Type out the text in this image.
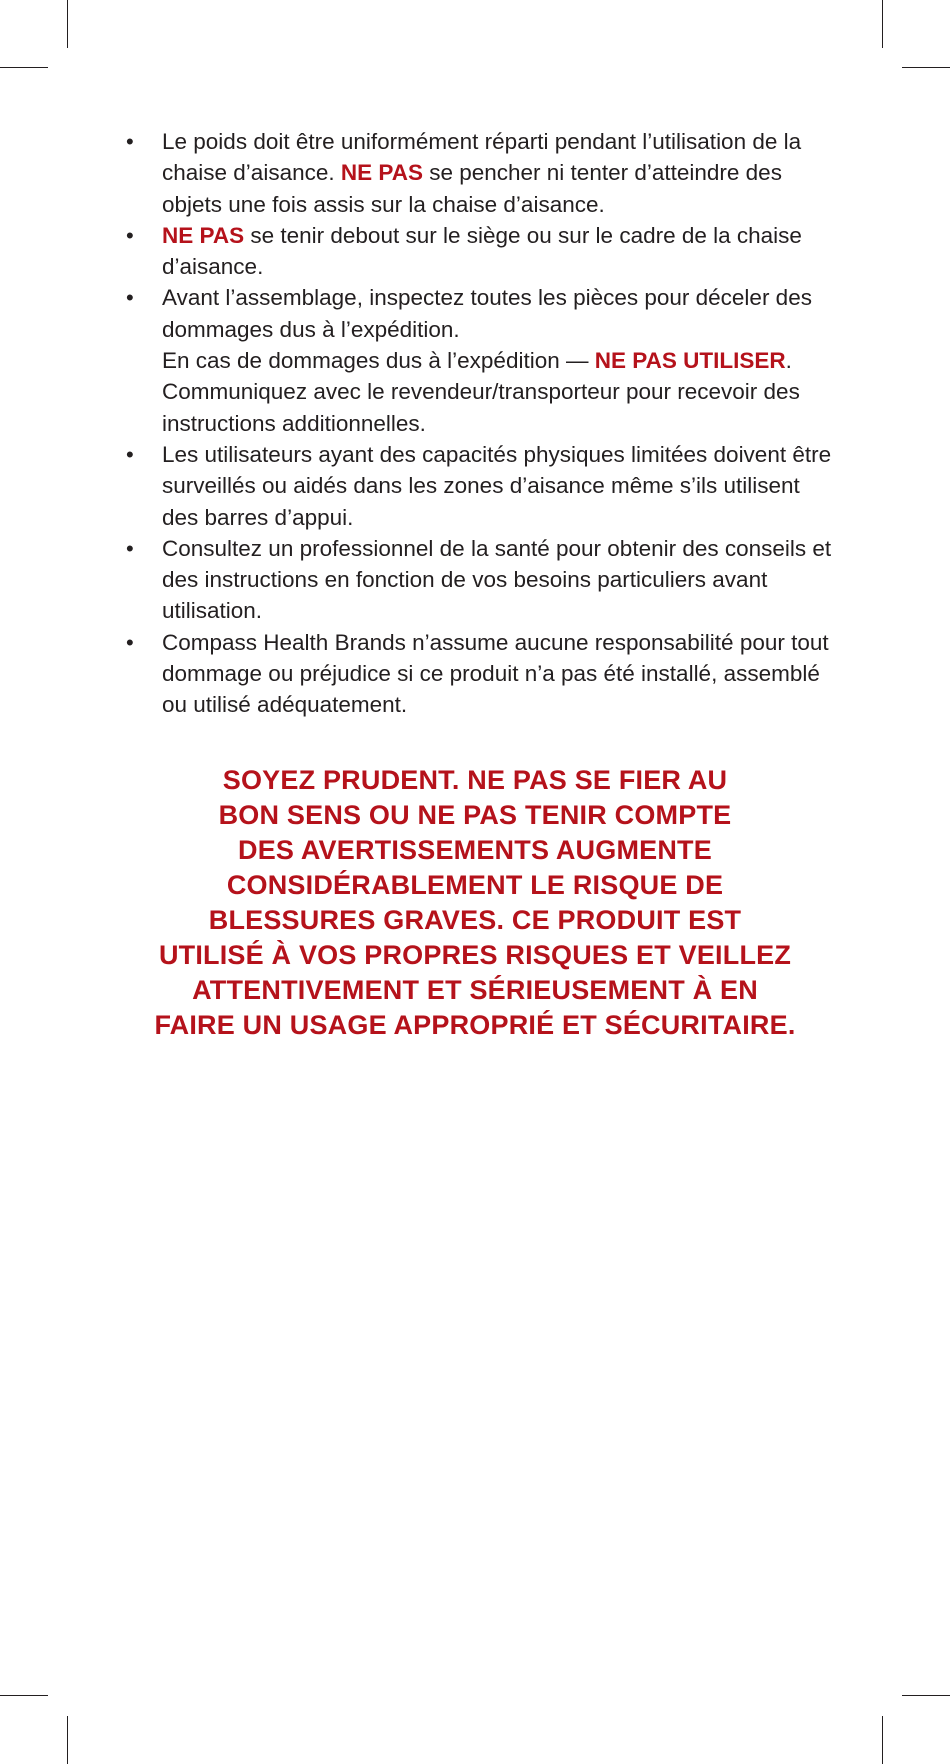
• Le poids doit être uniformément réparti pendant l’utilisation de la chaise d’aisance. NE PAS se pencher ni tenter d’atteindre des objets une fois assis sur la chaise d’aisance.
• NE PAS se tenir debout sur le siège ou sur le cadre de la chaise d’aisance.
• Avant l’assemblage, inspectez toutes les pièces pour déceler des dommages dus à l’expédition.
En cas de dommages dus à l’expédition — NE PAS UTILISER. Communiquez avec le revendeur/transporteur pour recevoir des instructions additionnelles.
• Les utilisateurs ayant des capacités physiques limitées doivent être surveillés ou aidés dans les zones d’aisance même s’ils utilisent des barres d’appui.
• Consultez un professionnel de la santé pour obtenir des conseils et des instructions en fonction de vos besoins particuliers avant utilisation.
• Compass Health Brands n’assume aucune responsabilité pour tout dommage ou préjudice si ce produit n’a pas été installé, assemblé ou utilisé adéquatement.
SOYEZ PRUDENT. NE PAS SE FIER AU
BON SENS OU NE PAS TENIR COMPTE
DES AVERTISSEMENTS AUGMENTE
CONSIDÉRABLEMENT LE RISQUE DE
BLESSURES GRAVES. CE PRODUIT EST
UTILISÉ À VOS PROPRES RISQUES ET VEILLEZ
ATTENTIVEMENT ET SÉRIEUSEMENT À EN
FAIRE UN USAGE APPROPRIÉ ET SÉCURITAIRE.
